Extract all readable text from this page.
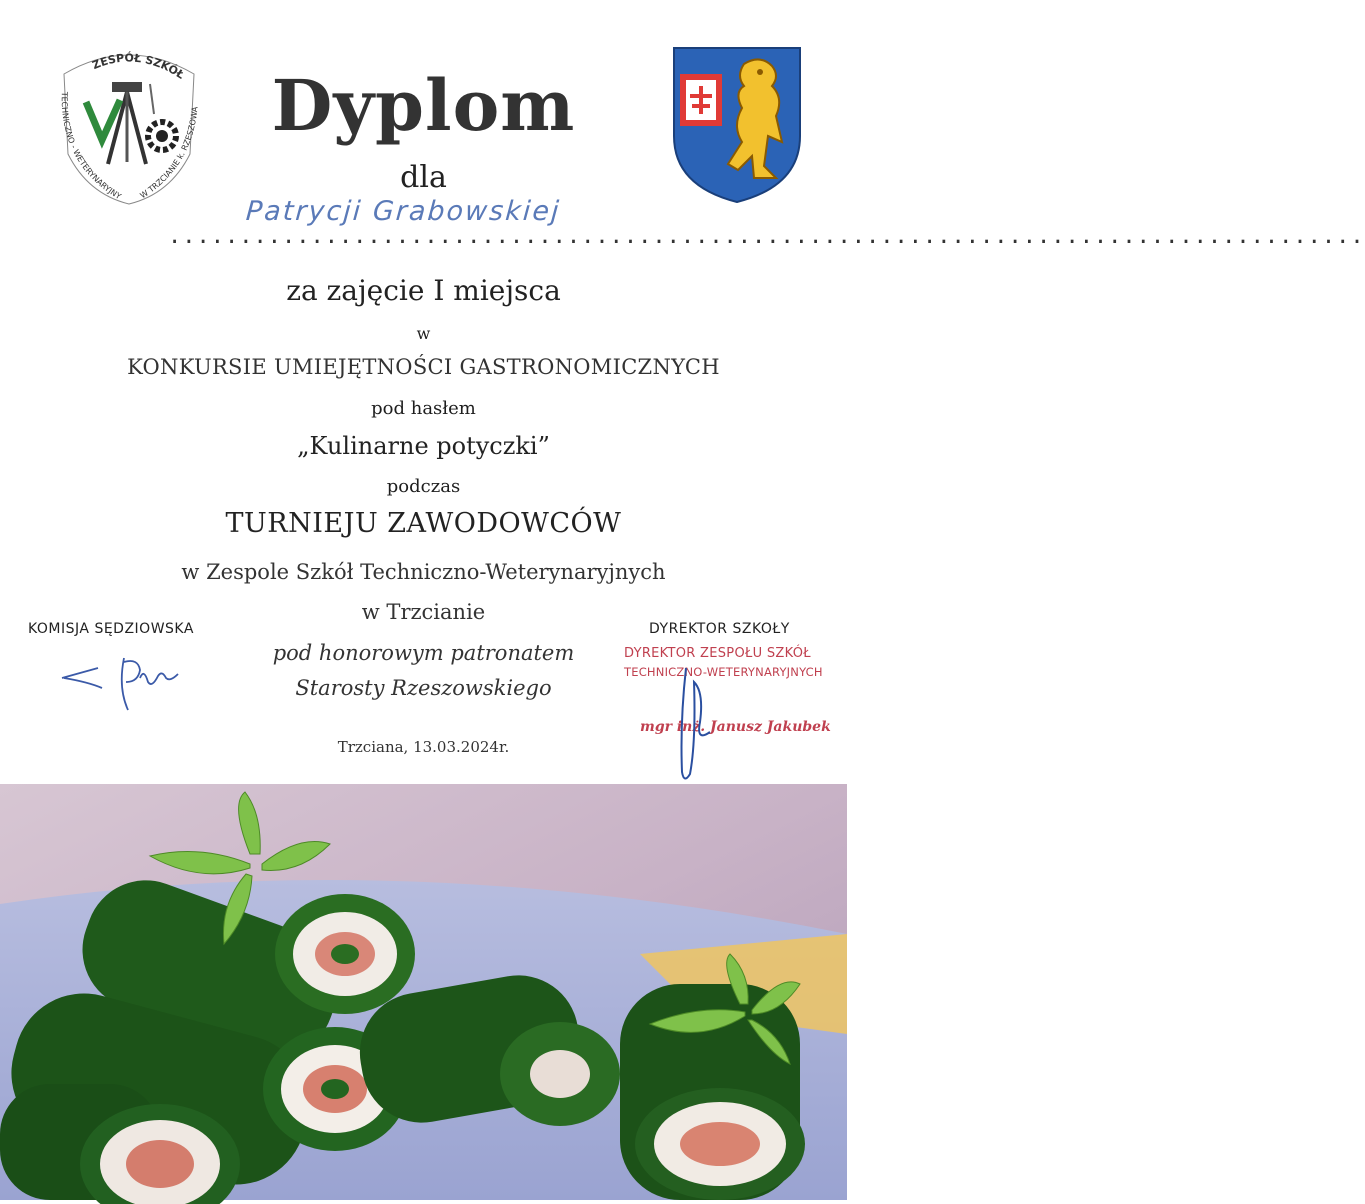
ZESPÓŁ SZKÓŁ
TECHNICZNO - WETERYNARYJNY W TRZCIANIE k. RZESZOWA	Dyplom
dla
....................................................................................
Patrycji Grabowskiej
za zajęcie I miejsca
w
KONKURSIE UMIEJĘTNOŚCI GASTRONOMICZNYCH
pod hasłem
„Kulinarne potyczki”
podczas
TURNIEJU ZAWODOWCÓW
w Zespole Szkół Techniczno-Weterynaryjnych
w Trzcianie
pod honorowym patronatem
Starosty Rzeszowskiego
Trzciana, 13.03.2024r.
KOMISJA SĘDZIOWSKA	DYREKTOR SZKOŁY
DYREKTOR ZESPOŁU SZKÓŁ
TECHNICZNO-WETERYNARYJNYCH
mgr inż. Janusz Jakubek
